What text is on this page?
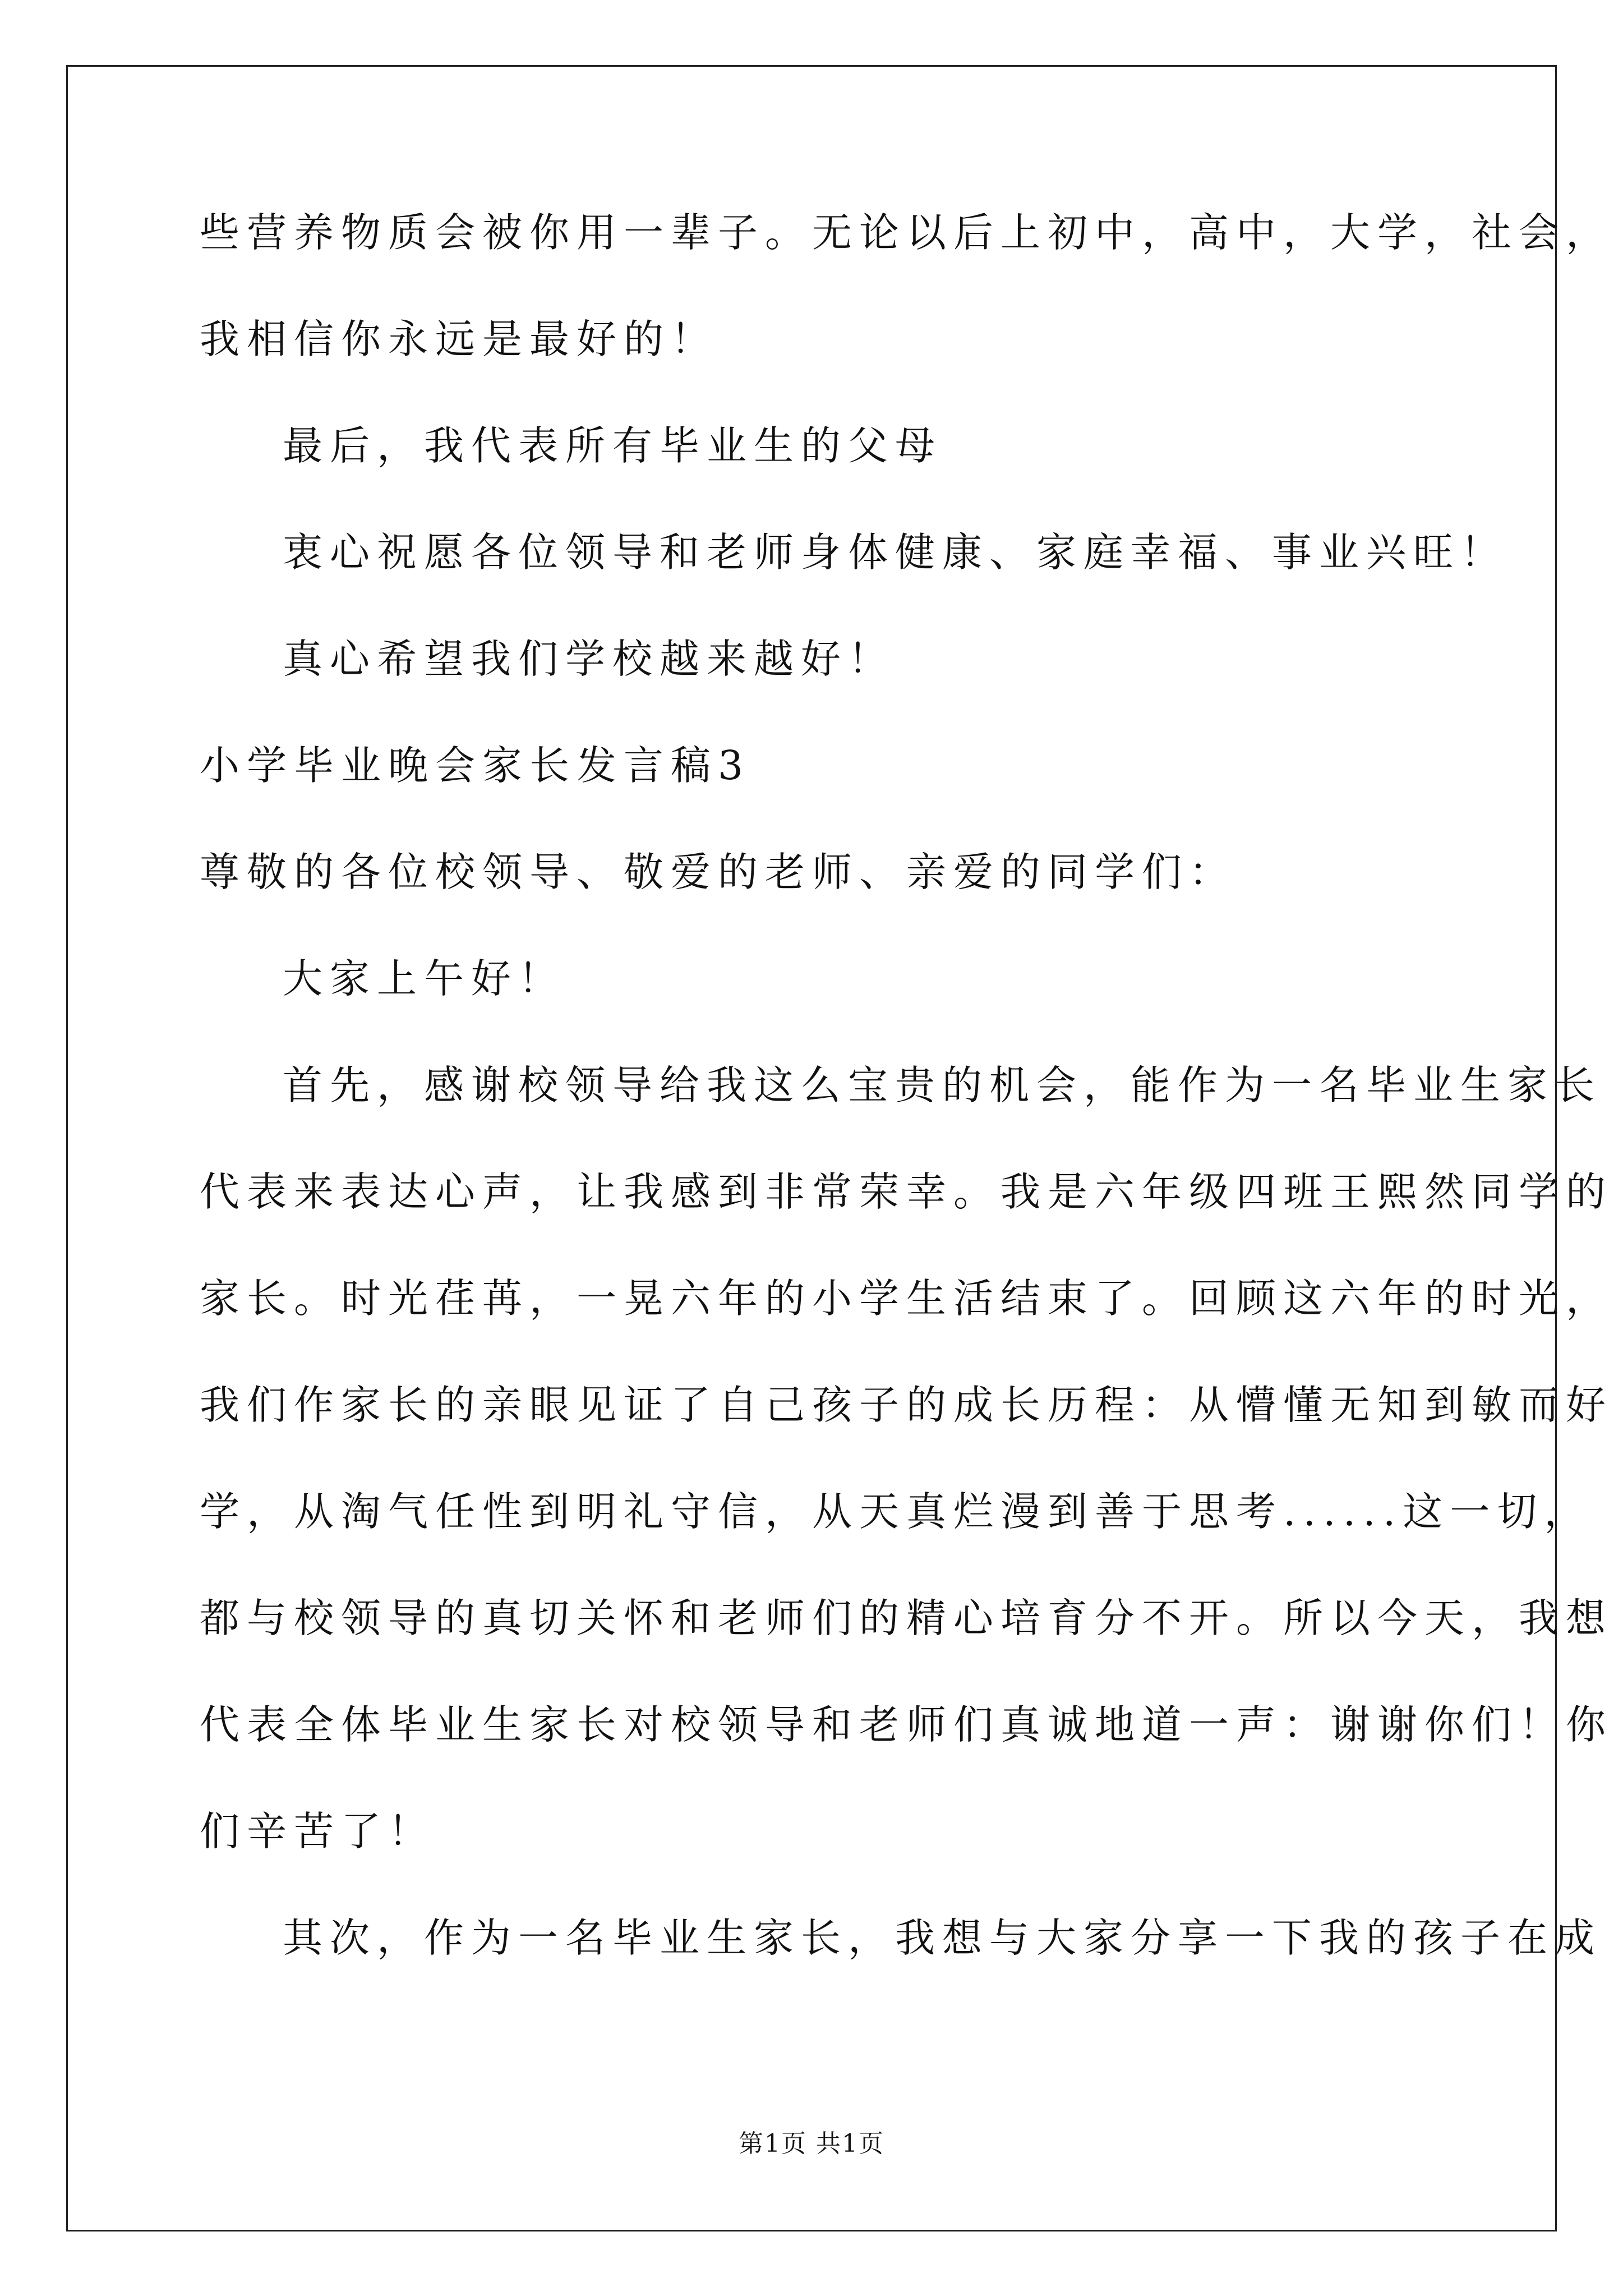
些营养物质会被你用一辈子。无论以后上初中，高中，大学，社会，
我相信你永远是最好的！
最后，我代表所有毕业生的父母
衷心祝愿各位领导和老师身体健康、家庭幸福、事业兴旺！
真心希望我们学校越来越好！
小学毕业晚会家长发言稿3
尊敬的各位校领导、敬爱的老师、亲爱的同学们：
大家上午好！
首先，感谢校领导给我这么宝贵的机会，能作为一名毕业生家长
代表来表达心声，让我感到非常荣幸。我是六年级四班王熙然同学的
家长。时光荏苒，一晃六年的小学生活结束了。回顾这六年的时光，
我们作家长的亲眼见证了自己孩子的成长历程：从懵懂无知到敏而好
学，从淘气任性到明礼守信，从天真烂漫到善于思考......这一切，
都与校领导的真切关怀和老师们的精心培育分不开。所以今天，我想
代表全体毕业生家长对校领导和老师们真诚地道一声：谢谢你们！你
们辛苦了！
其次，作为一名毕业生家长，我想与大家分享一下我的孩子在成
第1页 共1页
